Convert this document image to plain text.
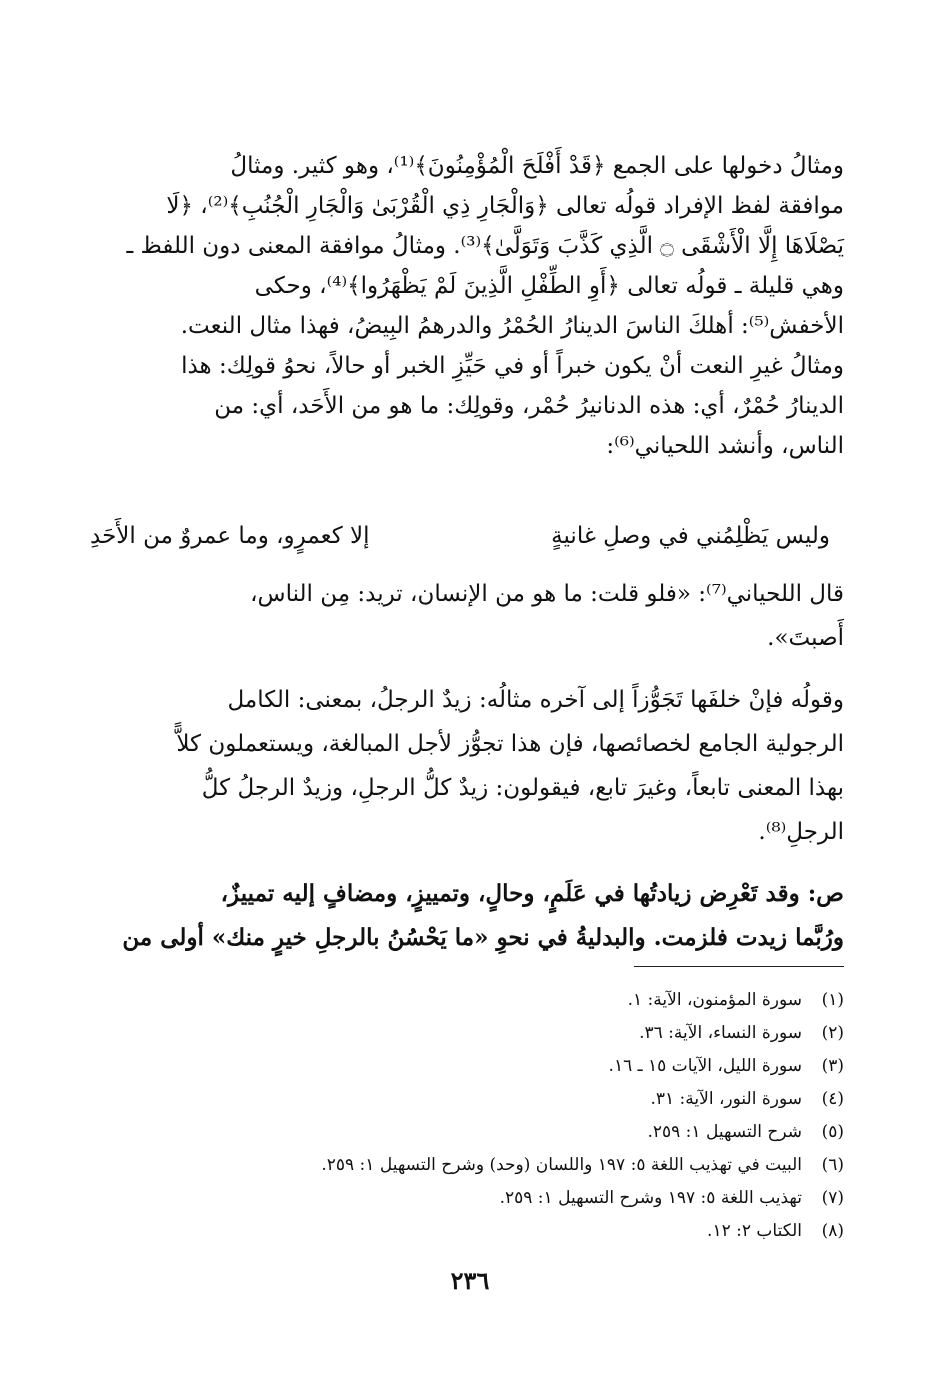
ومثالُ دخولها على الجمع ﴿قَدْ أَفْلَحَ الْمُؤْمِنُونَ﴾⁽¹⁾، وهو كثير. ومثالُ
موافقة لفظ الإفراد قولُه تعالى ﴿وَالْجَارِ ذِي الْقُرْبَىٰ وَالْجَارِ الْجُنُبِ﴾⁽²⁾، ﴿لَا
يَصْلَاهَا إِلَّا الْأَشْقَى ۝ الَّذِي كَذَّبَ وَتَوَلَّىٰ﴾⁽³⁾. ومثالُ موافقة المعنى دون اللفظ ـ
وهي قليلة ـ قولُه تعالى ﴿أَوِ الطِّفْلِ الَّذِينَ لَمْ يَظْهَرُوا﴾⁽⁴⁾، وحكى
الأخفش⁽⁵⁾: أهلكَ الناسَ الدينارُ الحُمْرُ والدرهمُ البِيضُ، فهذا مثال النعت.
ومثالُ غيرِ النعت أنْ يكون خبراً أو في حَيِّزِ الخبر أو حالاً، نحوُ قولِك: هذا
الدينارُ حُمْرٌ، أي: هذه الدنانيرُ حُمْر، وقولِك: ما هو من الأَحَد، أي: من
الناس، وأنشد اللحياني⁽⁶⁾:

وليس يَظْلِمُني في وصلِ غانيةٍ
إلا كعمرٍو، وما عمروٌ من الأَحَدِ

قال اللحياني⁽⁷⁾: «فلو قلت: ما هو من الإنسان، تريد: مِن الناس،
أَصبتَ».

وقولُه فإنْ خلفَها تَجَوُّزاً إلى آخره مثالُه: زيدٌ الرجلُ، بمعنى: الكامل
الرجولية الجامع لخصائصها، فإن هذا تجوُّز لأجل المبالغة، ويستعملون كلاًّ
بهذا المعنى تابعاً، وغيرَ تابع، فيقولون: زيدٌ كلُّ الرجلِ، وزيدٌ الرجلُ كلُّ
الرجلِ⁽⁸⁾.

ص: وقد تَعْرِض زيادتُها في عَلَمٍ، وحالٍ، وتمييزٍ، ومضافٍ إليه تمييزٌ،
ورُبَّما زيدت فلزمت. والبدليةُ في نحوِ «ما يَحْسُنُ بالرجلِ خيرٍ منك» أولى من

(١)
سورة المؤمنون، الآية: ١.
(٢)
سورة النساء، الآية: ٣٦.
(٣)
سورة الليل، الآيات ١٥ ـ ١٦.
(٤)
سورة النور، الآية: ٣١.
(٥)
شرح التسهيل ١: ٢٥٩.
(٦)
البيت في تهذيب اللغة ٥: ١٩٧ واللسان (وحد) وشرح التسهيل ١: ٢٥٩.
(٧)
تهذيب اللغة ٥: ١٩٧ وشرح التسهيل ١: ٢٥٩.
(٨)
الكتاب ٢: ١٢.
٢٣٦
